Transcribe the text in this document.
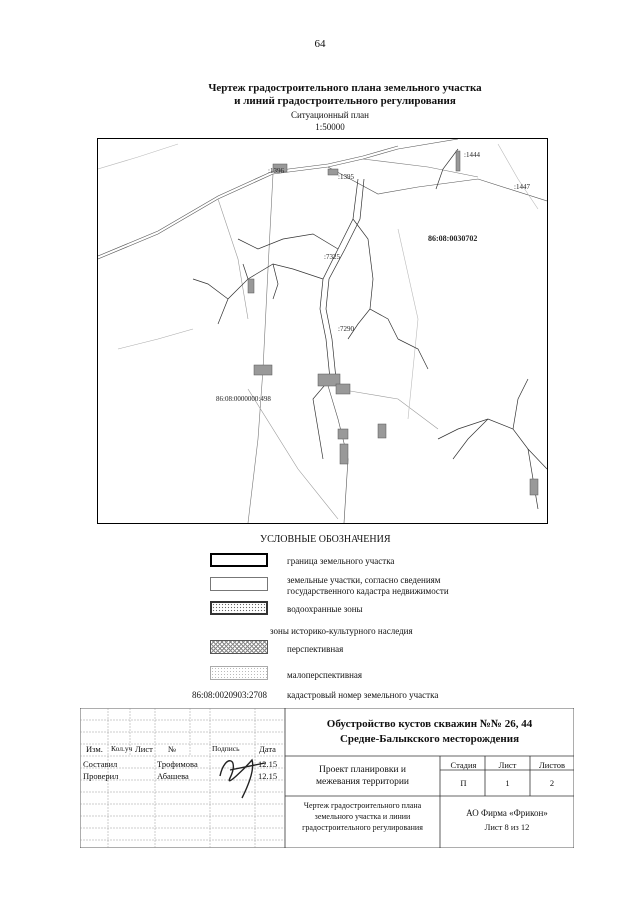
64
Чертеж градостроительного плана земельного участка
и линий градостроительного регулирования
Ситуационный план
1:50000
:1396
:1395
:1444
:1447
:7325
:7290
86:08:0000000:498
86:08:0030702
УСЛОВНЫЕ ОБОЗНАЧЕНИЯ
граница земельного участка
земельные участки, согласно сведениям
государственного кадастра недвижимости
водоохранные зоны
зоны историко-культурного наследия
перспективная
малоперспективная
86:08:0020903:2708 кадастровый номер земельного участка
Изм. Кол.уч Лист №	Подпись Дата
Составил	Трофимова	12.15
Проверил	Абашева	12.15
Обустройство кустов скважин №№ 26, 44
Средне-Балыкского месторождения
Проект планировки и
межевания территории
Стадия	Лист	Листов
П	1	2
Чертеж градостроительного плана
земельного участка и линии
градостроительного регулирования
АО Фирма «Фрикон»
Лист 8 из 12
